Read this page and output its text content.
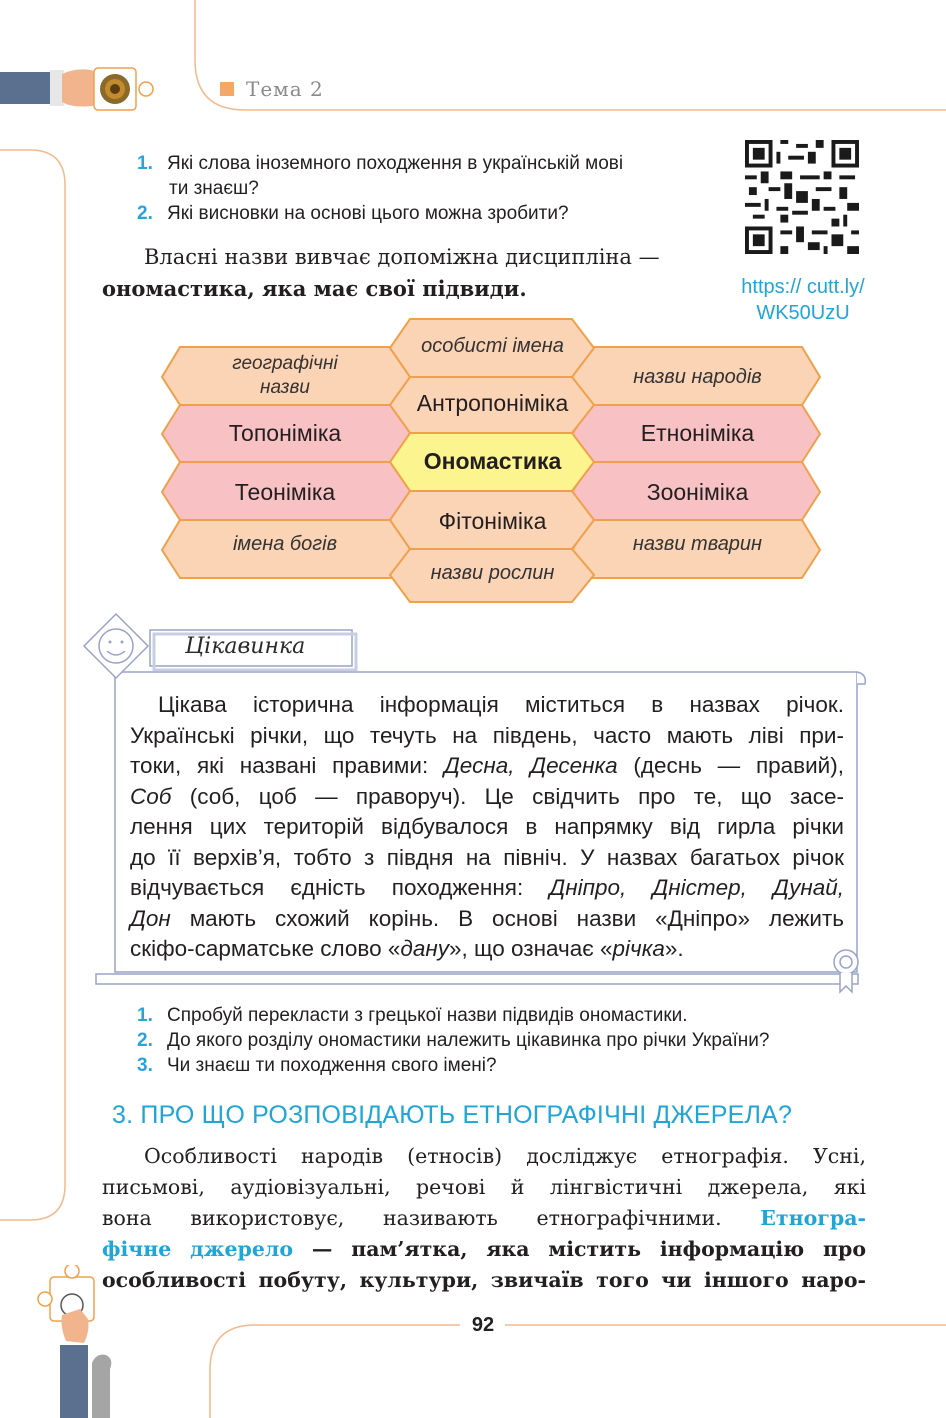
Тема 2
1. Які слова іноземного походження в українській мові
ти знаєш?
2. Які висновки на основі цього можна зробити?
https:// cutt.ly/
WK50UzU
Власні назви вивчає допоміжна дисципліна —
ономастика, яка має свої підвиди.
географічні
назви
Топоніміка
Теоніміка
імена богів
особисті імена
Антропоніміка
Ономастика
Фітоніміка
назви рослин
назви народів
Етноніміка
Зооніміка
назви тварин
Цікавинка
Цікава історична інформація міститься в назвах річок.
Українські річки, що течуть на південь, часто мають ліві при-
токи, які названі правими: Десна, Десенка (деснь — правий),
Соб (соб, цоб — праворуч). Це свідчить про те, що засе-
лення цих територій відбувалося в напрямку від гирла річки
до її верхів’я, тобто з півдня на північ. У назвах багатьох річок
відчувається єдність походження: Дніпро, Дністер, Дунай,
Дон мають схожий корінь. В основі назви «Дніпро» лежить
скіфо-сарматське слово «дану», що означає «річка».
1. Спробуй перекласти з грецької назви підвидів ономастики.
2. До якого розділу ономастики належить цікавинка про річки України?
3. Чи знаєш ти походження свого імені?
3. ПРО ЩО РОЗПОВІДАЮТЬ ЕТНОГРАФІЧНІ ДЖЕРЕЛА?
Особливості народів (етносів) досліджує етнографія. Усні,
письмові, аудіовізуальні, речові й лінгвістичні джерела, які
вона використовує, називають етнографічними. Етногра-
фічне джерело — пам’ятка, яка містить інформацію про
особливості побуту, культури, звичаїв того чи іншого наро-
92
